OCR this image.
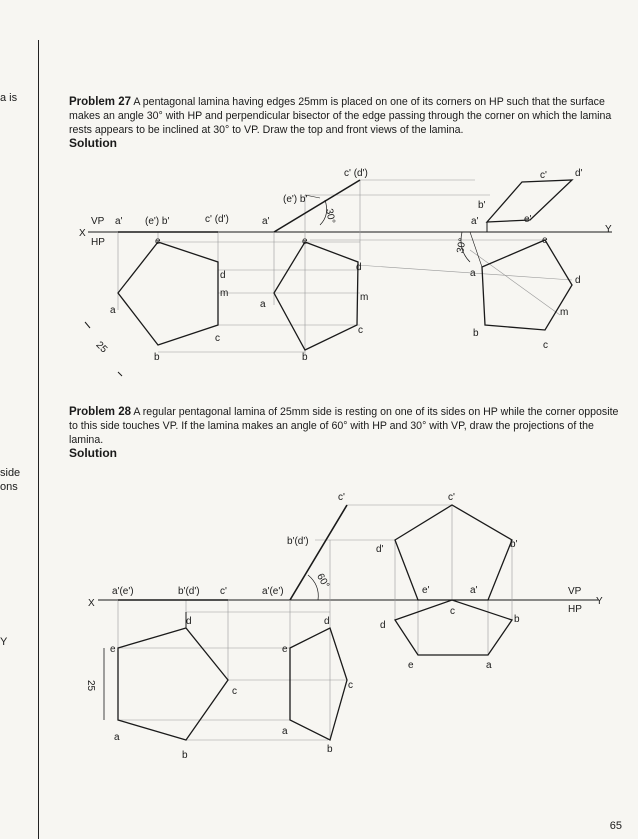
a is
side
ons
Y
Problem 27 A pentagonal lamina having edges 25mm is placed on one of its corners on HP such that the surface makes an angle 30° with HP and perpendicular bisector of the edge passing through the corner on which the lamina rests appears to be inclined at 30° to VP. Draw the top and front views of the lamina.
Solution
Problem 28 A regular pentagonal lamina of 25mm side is resting on one of its sides on HP while the corner opposite to this side touches VP. If the lamina makes an angle of 60° with HP and 30° with VP, draw the projections of the lamina.
Solution
65
X
VP
HP
a' (e') b'	c' (d')	a'
(e') b'
c' (d')
b'
a'	e'
c'	d'
Y
30°
30°
25
e
d
m
a
c
b
e
d
m
a
c
b
e
d
m
a
c
b
X	Y
VP
HP
a'(e')	b'(d') c'	a'(e')
b'(d')
c'
60°
c'
d'	b'
e'	a'
c
d
b
e	a
e
d
c
a
b
25
e
d
c
a
b
